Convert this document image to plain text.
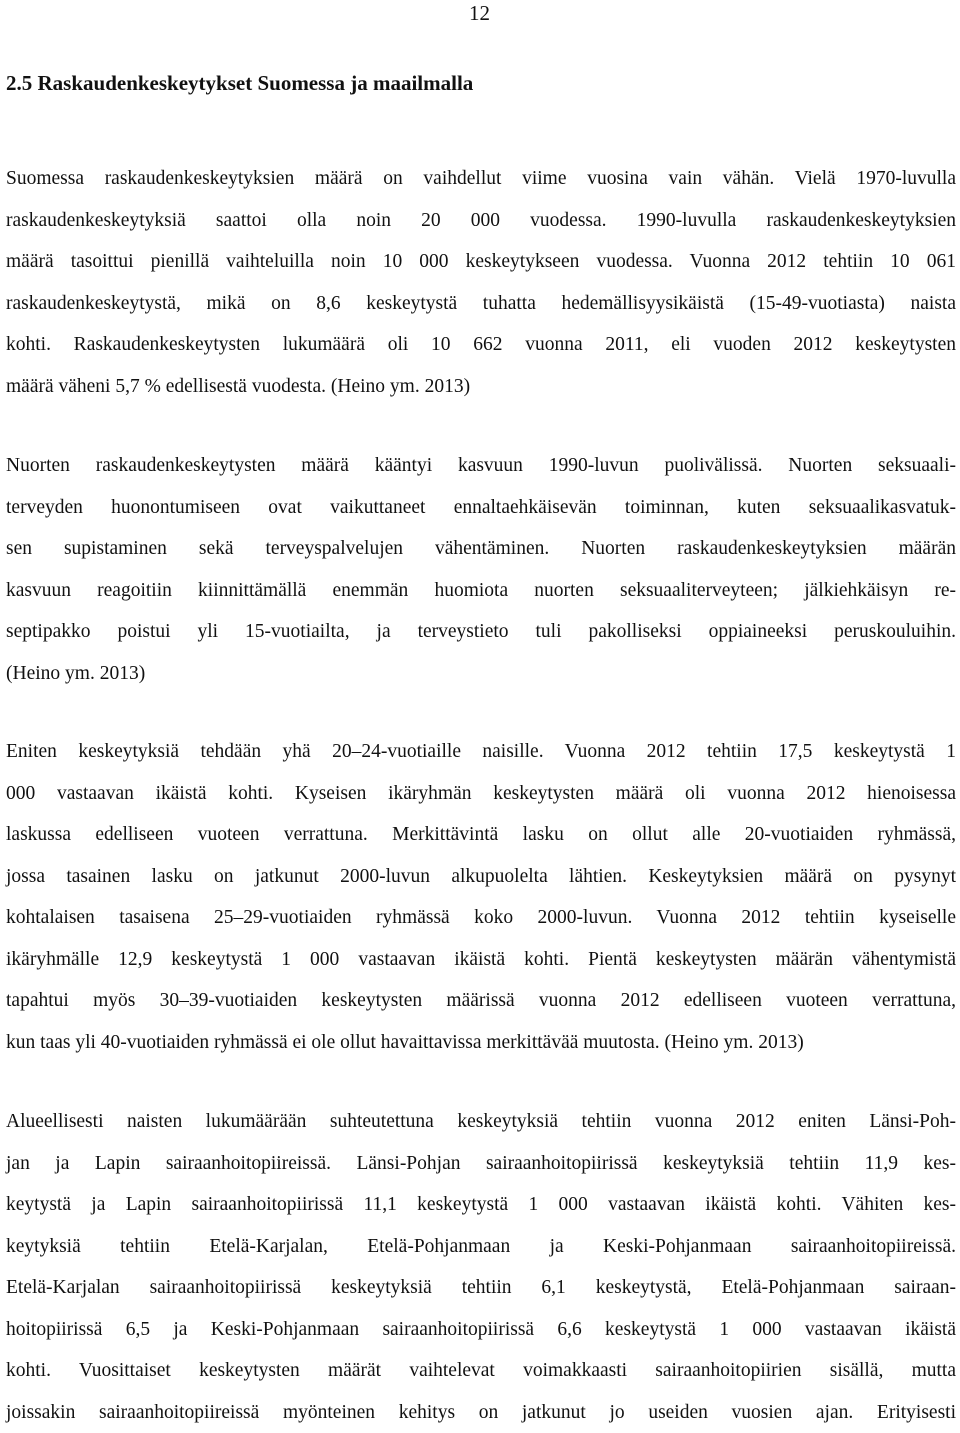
12
2.5 Raskaudenkeskeytykset Suomessa ja maailmalla

Suomessa raskaudenkeskeytyksien määrä on vaihdellut viime vuosina vain vähän. Vielä 1970-luvulla
raskaudenkeskeytyksiä saattoi olla noin 20 000 vuodessa. 1990-luvulla raskaudenkeskeytyksien
määrä tasoittui pienillä vaihteluilla noin 10 000 keskeytykseen vuodessa. Vuonna 2012 tehtiin 10 061
raskaudenkeskeytystä, mikä on 8,6 keskeytystä tuhatta hedemällisyysikäistä (15-49-vuotiasta) naista
kohti. Raskaudenkeskeytysten lukumäärä oli 10 662 vuonna 2011, eli vuoden 2012 keskeytysten
määrä väheni 5,7 % edellisestä vuodesta. (Heino ym. 2013)

Nuorten raskaudenkeskeytysten määrä kääntyi kasvuun 1990-luvun puolivälissä. Nuorten seksuaali-
terveyden huonontumiseen ovat vaikuttaneet ennaltaehkäisevän toiminnan, kuten seksuaalikasvatuk-
sen supistaminen sekä terveyspalvelujen vähentäminen. Nuorten raskaudenkeskeytyksien määrän
kasvuun reagoitiin kiinnittämällä enemmän huomiota nuorten seksuaaliterveyteen; jälkiehkäisyn re-
septipakko poistui yli 15-vuotiailta, ja terveystieto tuli pakolliseksi oppiaineeksi peruskouluihin.
(Heino ym. 2013)

Eniten keskeytyksiä tehdään yhä 20–24-vuotiaille naisille. Vuonna 2012 tehtiin 17,5 keskeytystä 1
000 vastaavan ikäistä kohti. Kyseisen ikäryhmän keskeytysten määrä oli vuonna 2012 hienoisessa
laskussa edelliseen vuoteen verrattuna. Merkittävintä lasku on ollut alle 20-vuotiaiden ryhmässä,
jossa tasainen lasku on jatkunut 2000-luvun alkupuolelta lähtien. Keskeytyksien määrä on pysynyt
kohtalaisen tasaisena 25–29-vuotiaiden ryhmässä koko 2000-luvun. Vuonna 2012 tehtiin kyseiselle
ikäryhmälle 12,9 keskeytystä 1 000 vastaavan ikäistä kohti. Pientä keskeytysten määrän vähentymistä
tapahtui myös 30–39-vuotiaiden keskeytysten määrissä vuonna 2012 edelliseen vuoteen verrattuna,
kun taas yli 40-vuotiaiden ryhmässä ei ole ollut havaittavissa merkittävää muutosta. (Heino ym. 2013)

Alueellisesti naisten lukumäärään suhteutettuna keskeytyksiä tehtiin vuonna 2012 eniten Länsi-Poh-
jan ja Lapin sairaanhoitopiireissä. Länsi-Pohjan sairaanhoitopiirissä keskeytyksiä tehtiin 11,9 kes-
keytystä ja Lapin sairaanhoitopiirissä 11,1 keskeytystä 1 000 vastaavan ikäistä kohti. Vähiten kes-
keytyksiä tehtiin Etelä-Karjalan, Etelä-Pohjanmaan ja Keski-Pohjanmaan sairaanhoitopiireissä.
Etelä-Karjalan sairaanhoitopiirissä keskeytyksiä tehtiin 6,1 keskeytystä, Etelä-Pohjanmaan sairaan-
hoitopiirissä 6,5 ja Keski-Pohjanmaan sairaanhoitopiirissä 6,6 keskeytystä 1 000 vastaavan ikäistä
kohti. Vuosittaiset keskeytysten määrät vaihtelevat voimakkaasti sairaanhoitopiirien sisällä, mutta
joissakin sairaanhoitopiireissä myönteinen kehitys on jatkunut jo useiden vuosien ajan. Erityisesti
